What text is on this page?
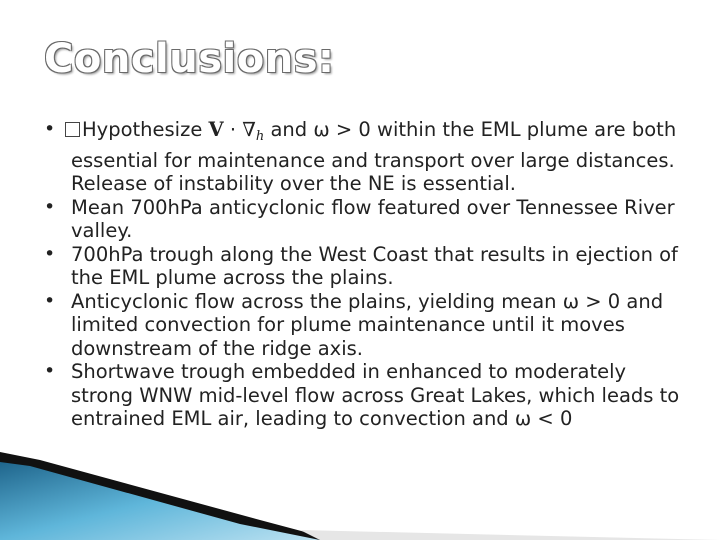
Conclusions:
• Hypothesize $V \cdot \nabla_h$ and ω > 0 within the EML plume are both essential for maintenance and transport over large distances. Release of instability over the NE is essential.
• Mean 700hPa anticyclonic flow featured over Tennessee River valley.
• 700hPa trough along the West Coast that results in ejection of the EML plume across the plains.
• Anticyclonic flow across the plains, yielding mean ω > 0 and limited convection for plume maintenance until it moves downstream of the ridge axis.
• Shortwave trough embedded in enhanced to moderately strong WNW mid-level flow across Great Lakes, which leads to entrained EML air, leading to convection and ω < 0
